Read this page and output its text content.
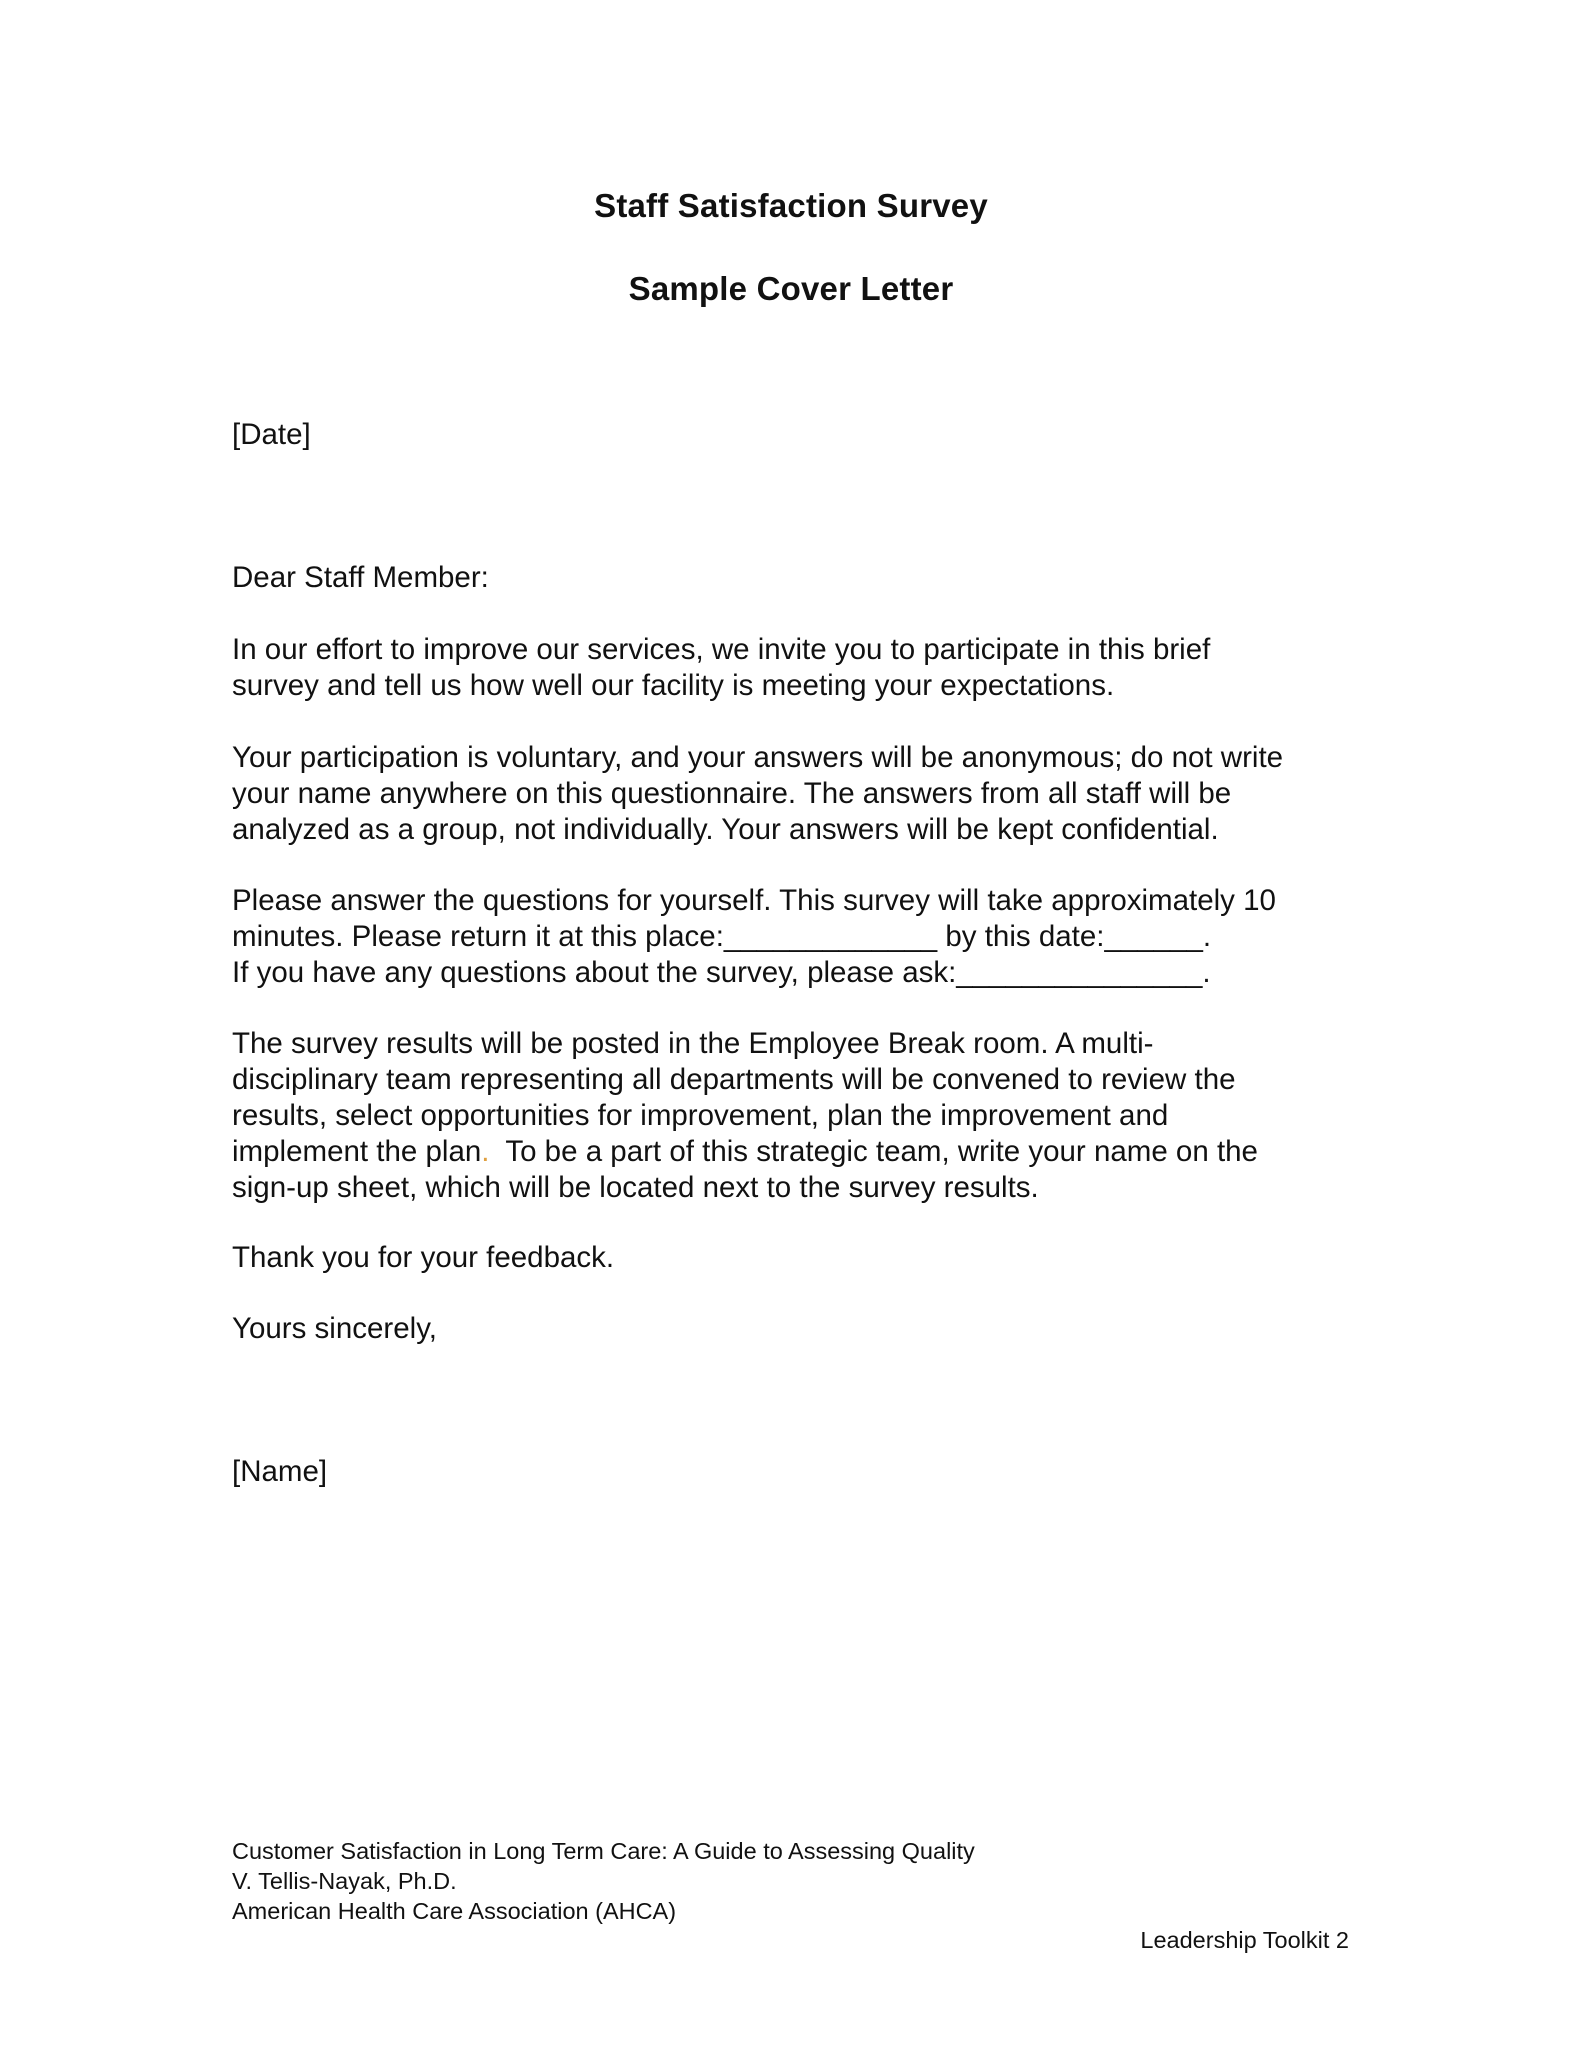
Staff Satisfaction Survey
Sample Cover Letter
[Date]
Dear Staff Member:
In our effort to improve our services, we invite you to participate in this brief
survey and tell us how well our facility is meeting your expectations.
Your participation is voluntary, and your answers will be anonymous; do not write
your name anywhere on this questionnaire. The answers from all staff will be
analyzed as a group, not individually. Your answers will be kept confidential.
Please answer the questions for yourself. This survey will take approximately 10
minutes. Please return it at this place:_____________ by this date:______.
If you have any questions about the survey, please ask:_______________.
The survey results will be posted in the Employee Break room. A multi-
disciplinary team representing all departments will be convened to review the
results, select opportunities for improvement, plan the improvement and
implement the plan.  To be a part of this strategic team, write your name on the
sign-up sheet, which will be located next to the survey results.
Thank you for your feedback.
Yours sincerely,
[Name]
Customer Satisfaction in Long Term Care: A Guide to Assessing Quality
V. Tellis-Nayak, Ph.D.
American Health Care Association (AHCA)
Leadership Toolkit 2
